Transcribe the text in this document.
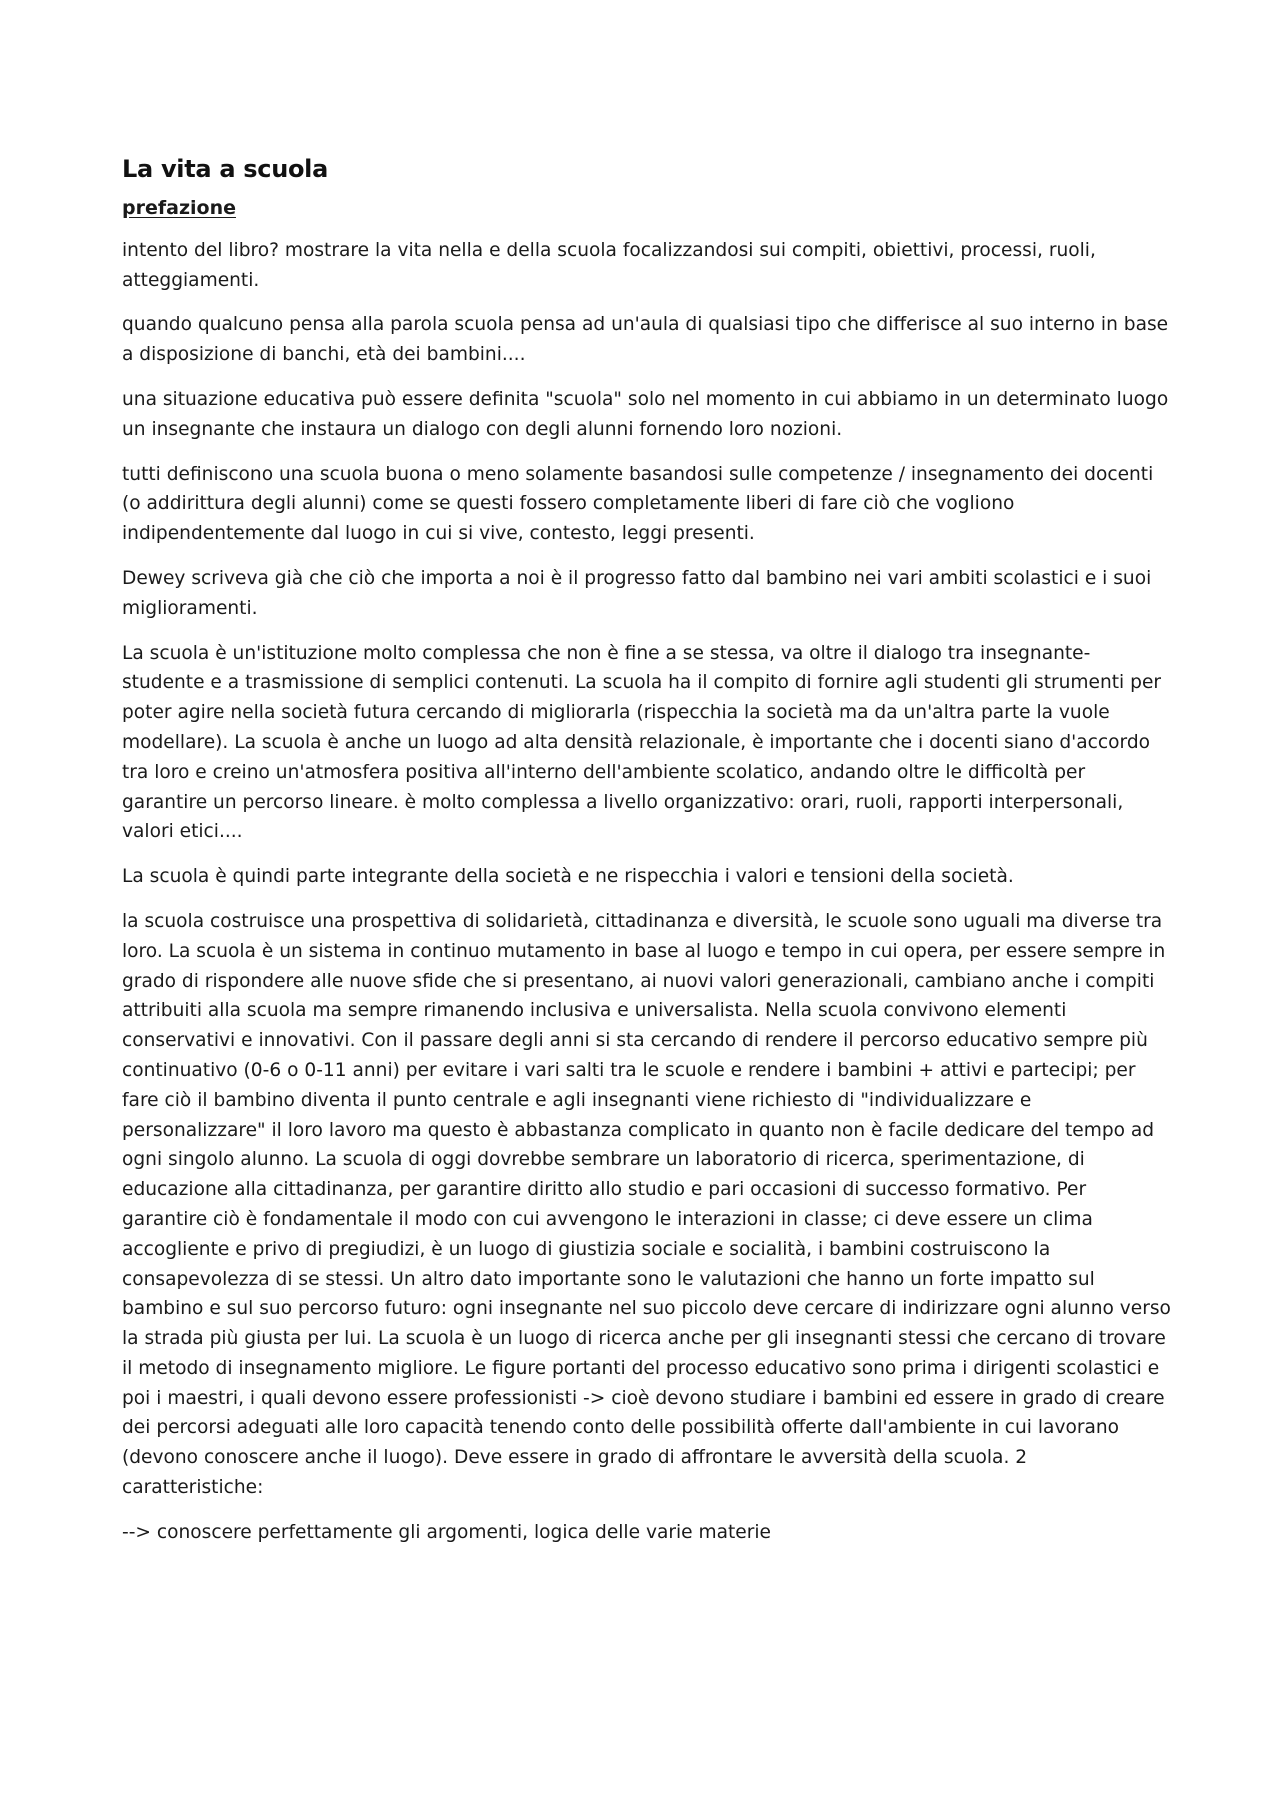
La vita a scuola
prefazione

intento del libro? mostrare la vita nella e della scuola focalizzandosi sui compiti, obiettivi, processi, ruoli, atteggiamenti.

quando qualcuno pensa alla parola scuola pensa ad un'aula di qualsiasi tipo che differisce al suo interno in base a disposizione di banchi, età dei bambini....

una situazione educativa può essere definita "scuola" solo nel momento in cui abbiamo in un determinato luogo un insegnante che instaura un dialogo con degli alunni fornendo loro nozioni.

tutti definiscono una scuola buona o meno solamente basandosi sulle competenze / insegnamento dei docenti (o addirittura degli alunni) come se questi fossero completamente liberi di fare ciò che vogliono indipendentemente dal luogo in cui si vive, contesto, leggi presenti.

Dewey scriveva già che ciò che importa a noi è il progresso fatto dal bambino nei vari ambiti scolastici e i suoi miglioramenti.

La scuola è un'istituzione molto complessa che non è fine a se stessa, va oltre il dialogo tra insegnante-studente e a trasmissione di semplici contenuti. La scuola ha il compito di fornire agli studenti gli strumenti per poter agire nella società futura cercando di migliorarla (rispecchia la società ma da un'altra parte la vuole modellare). La scuola è anche un luogo ad alta densità relazionale, è importante che i docenti siano d'accordo tra loro e creino un'atmosfera positiva all'interno dell'ambiente scolatico, andando oltre le difficoltà per garantire un percorso lineare. è molto complessa a livello organizzativo: orari, ruoli, rapporti interpersonali, valori etici....

La scuola è quindi parte integrante della società e ne rispecchia i valori e tensioni della società.

la scuola costruisce una prospettiva di solidarietà, cittadinanza e diversità, le scuole sono uguali ma diverse tra loro. La scuola è un sistema in continuo mutamento in base al luogo e tempo in cui opera, per essere sempre in grado di rispondere alle nuove sfide che si presentano, ai nuovi valori generazionali, cambiano anche i compiti attribuiti alla scuola ma sempre rimanendo inclusiva e universalista. Nella scuola convivono elementi conservativi e innovativi. Con il passare degli anni si sta cercando di rendere il percorso educativo sempre più continuativo (0-6 o 0-11 anni) per evitare i vari salti tra le scuole e rendere i bambini + attivi e partecipi; per fare ciò il bambino diventa il punto centrale e agli insegnanti viene richiesto di "individualizzare e personalizzare" il loro lavoro ma questo è abbastanza complicato in quanto non è facile dedicare del tempo ad ogni singolo alunno. La scuola di oggi dovrebbe sembrare un laboratorio di ricerca, sperimentazione, di educazione alla cittadinanza, per garantire diritto allo studio e pari occasioni di successo formativo. Per garantire ciò è fondamentale il modo con cui avvengono le interazioni in classe; ci deve essere un clima accogliente e privo di pregiudizi, è un luogo di giustizia sociale e socialità, i bambini costruiscono la consapevolezza di se stessi. Un altro dato importante sono le valutazioni che hanno un forte impatto sul bambino e sul suo percorso futuro: ogni insegnante nel suo piccolo deve cercare di indirizzare ogni alunno verso la strada più giusta per lui. La scuola è un luogo di ricerca anche per gli insegnanti stessi che cercano di trovare il metodo di insegnamento migliore. Le figure portanti del processo educativo sono prima i dirigenti scolastici e poi i maestri, i quali devono essere professionisti -> cioè devono studiare i bambini ed essere in grado di creare dei percorsi adeguati alle loro capacità tenendo conto delle possibilità offerte dall'ambiente in cui lavorano (devono conoscere anche il luogo). Deve essere in grado di affrontare le avversità della scuola. 2 caratteristiche:

--> conoscere perfettamente gli argomenti, logica delle varie materie
